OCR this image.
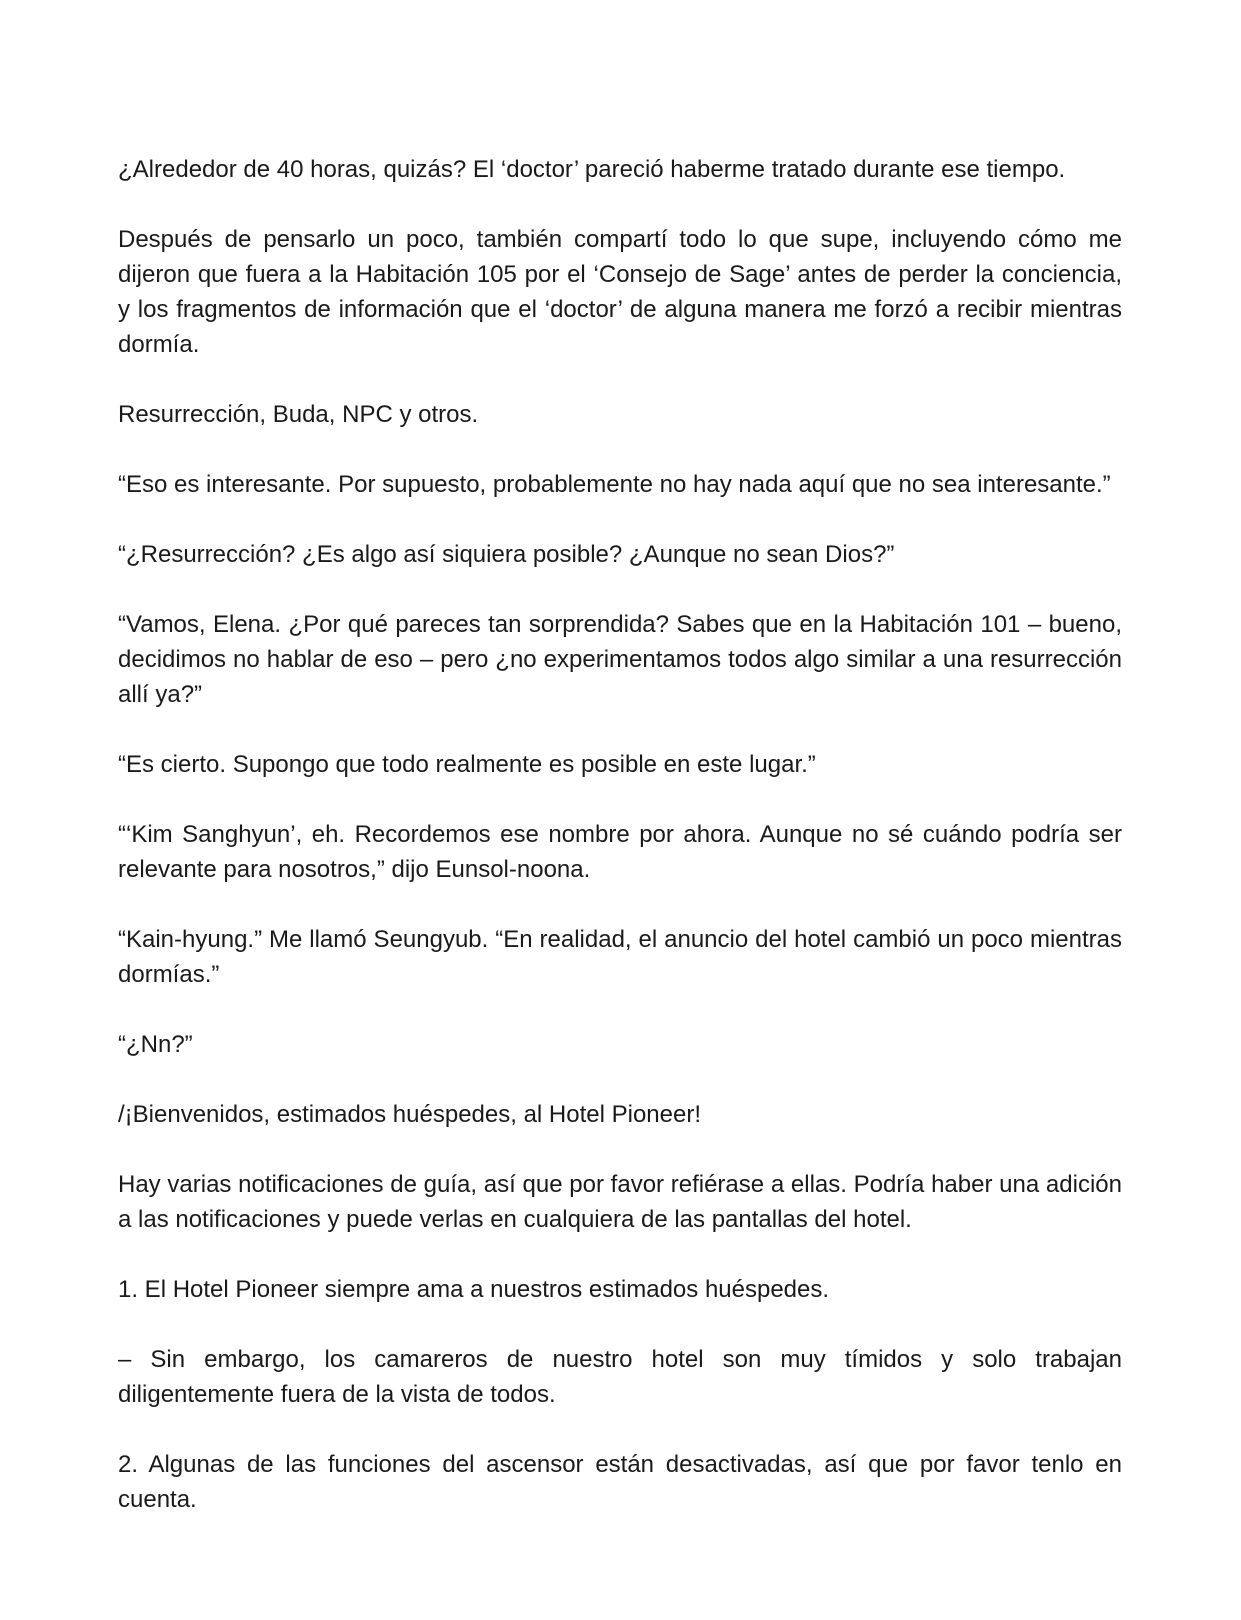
¿Alrededor de 40 horas, quizás? El ‘doctor’ pareció haberme tratado durante ese tiempo.

Después de pensarlo un poco, también compartí todo lo que supe, incluyendo cómo me dijeron que fuera a la Habitación 105 por el ‘Consejo de Sage’ antes de perder la conciencia, y los fragmentos de información que el ‘doctor’ de alguna manera me forzó a recibir mientras dormía.

Resurrección, Buda, NPC y otros.

“Eso es interesante. Por supuesto, probablemente no hay nada aquí que no sea interesante.”

“¿Resurrección? ¿Es algo así siquiera posible? ¿Aunque no sean Dios?”

“Vamos, Elena. ¿Por qué pareces tan sorprendida? Sabes que en la Habitación 101 – bueno, decidimos no hablar de eso – pero ¿no experimentamos todos algo similar a una resurrección allí ya?”

“Es cierto. Supongo que todo realmente es posible en este lugar.”

“‘Kim Sanghyun’, eh. Recordemos ese nombre por ahora. Aunque no sé cuándo podría ser relevante para nosotros,” dijo Eunsol-noona.

“Kain-hyung.” Me llamó Seungyub. “En realidad, el anuncio del hotel cambió un poco mientras dormías.”

“¿Nn?”

/¡Bienvenidos, estimados huéspedes, al Hotel Pioneer!

Hay varias notificaciones de guía, así que por favor refiérase a ellas. Podría haber una adición a las notificaciones y puede verlas en cualquiera de las pantallas del hotel.

1. El Hotel Pioneer siempre ama a nuestros estimados huéspedes.

– Sin embargo, los camareros de nuestro hotel son muy tímidos y solo trabajan diligentemente fuera de la vista de todos.

2. Algunas de las funciones del ascensor están desactivadas, así que por favor tenlo en cuenta.
